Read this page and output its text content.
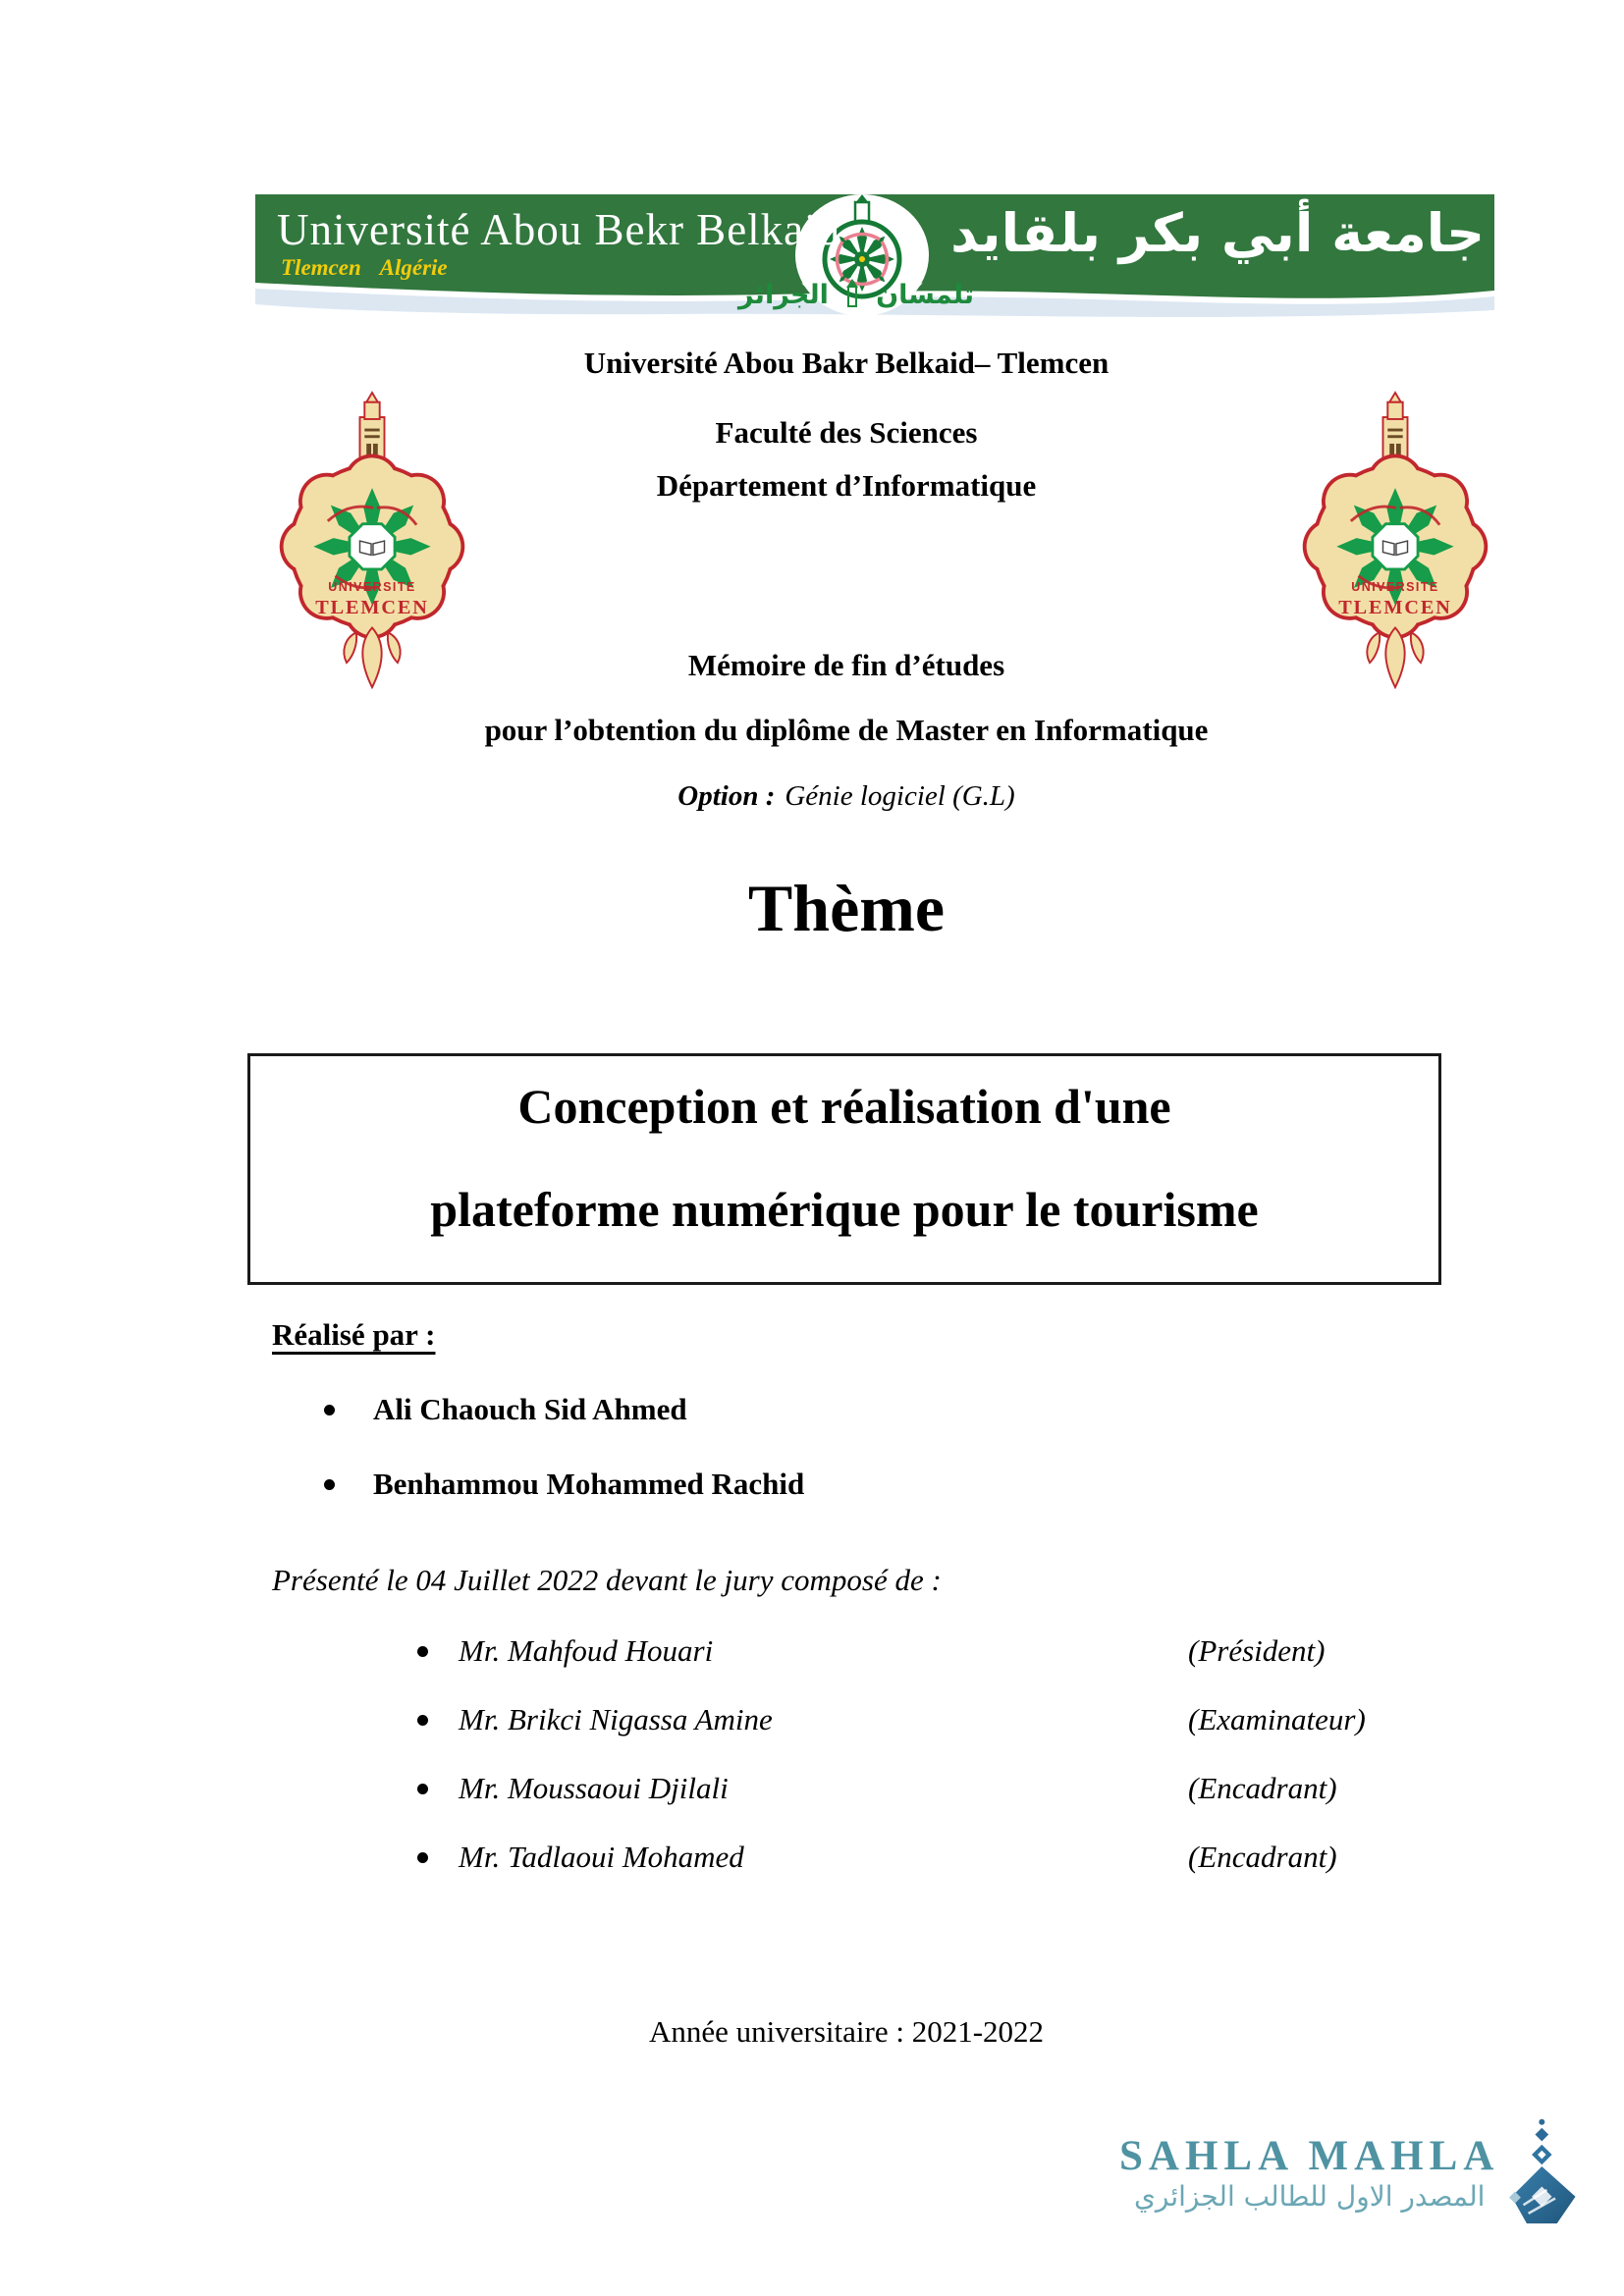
Université Abou Bekr Belkaid
Tlemcen Algérie
جامعة أبي بكر بلقايد
تلمسان
الجزائر
Université Abou Bakr Belkaid– Tlemcen
Faculté des Sciences
Département d’Informatique
UNIVERSITE
TLEMCEN
UNIVERSITE
TLEMCEN
Mémoire de fin d’études
pour l’obtention du diplôme de Master en Informatique
Option : Génie logiciel (G.L)
Thème
Conception et réalisation d'une
plateforme numérique pour le tourisme
Réalisé par :
Ali Chaouch Sid Ahmed
Benhammou Mohammed Rachid
Présenté le 04 Juillet 2022 devant le jury composé de :
Mr. Mahfoud Houari	(Président)
Mr. Brikci Nigassa Amine	(Examinateur)
Mr. Moussaoui Djilali	(Encadrant)
Mr. Tadlaoui Mohamed	(Encadrant)
Année universitaire : 2021-2022
SAHLA MAHLA
المصدر الاول للطالب الجزائري
